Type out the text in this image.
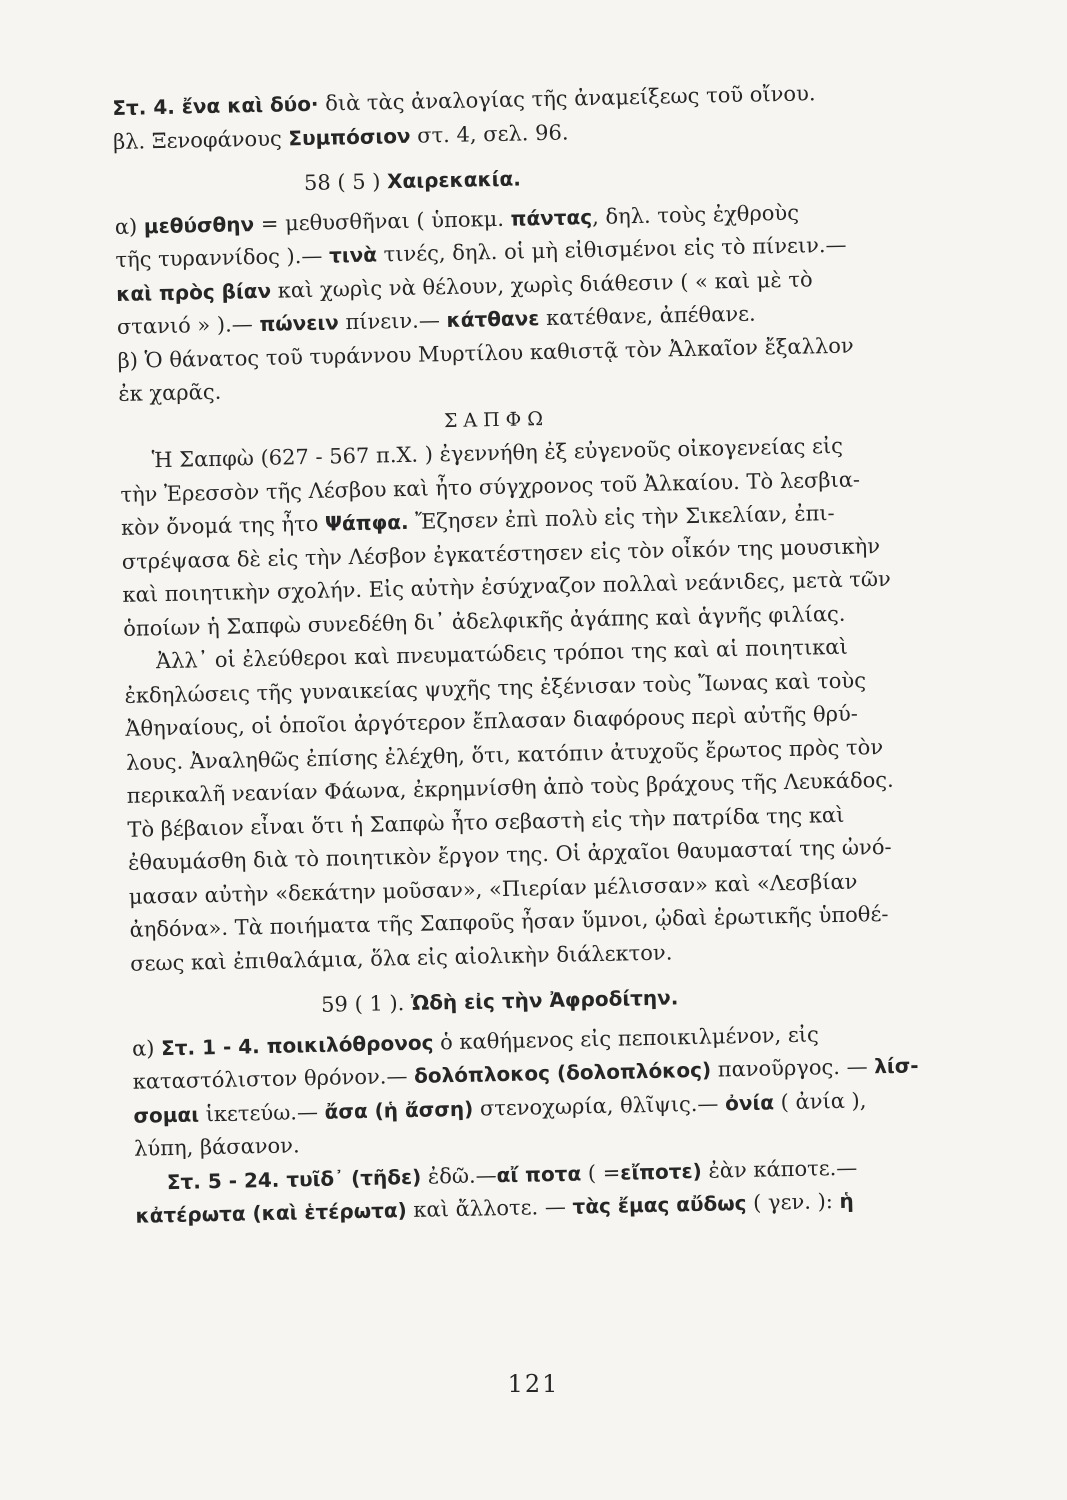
Στ. 4. ἔνα καὶ δύο· διὰ τὰς ἀναλογίας τῆς ἀναμείξεως τοῦ οἴνου.
βλ. Ξενοφάνους Συμπόσιον στ. 4, σελ. 96.
58 ( 5 ) Χαιρεκακία.
α) μεθύσθην = μεθυσθῆναι ( ὑποκμ. πάντας, δηλ. τοὺς ἐχθροὺς
τῆς τυραννίδος ).— τινὰ τινές, δηλ. οἱ μὴ εἰθισμένοι εἰς τὸ πίνειν.—
καὶ πρὸς βίαν καὶ χωρὶς νὰ θέλουν, χωρὶς διάθεσιν ( « καὶ μὲ τὸ
στανιό » ).— πώνειν πίνειν.— κάτθανε κατέθανε, ἀπέθανε.
β) Ὁ θάνατος τοῦ τυράννου Μυρτίλου καθιστᾷ τὸν Ἀλκαῖον ἔξαλλον
ἐκ χαρᾶς.
ΣΑΠΦΩ
Ἡ Σαπφὼ (627 - 567 π.Χ. ) ἐγεννήθη ἐξ εὐγενοῦς οἰκογενείας εἰς
τὴν Ἐρεσσὸν τῆς Λέσβου καὶ ἦτο σύγχρονος τοῦ Ἀλκαίου. Τὸ λεσβια-
κὸν ὄνομά της ἦτο Ψάπφα. Ἔζησεν ἐπὶ πολὺ εἰς τὴν Σικελίαν, ἐπι-
στρέψασα δὲ εἰς τὴν Λέσβον ἐγκατέστησεν εἰς τὸν οἶκόν της μουσικὴν
καὶ ποιητικὴν σχολήν. Εἰς αὐτὴν ἐσύχναζον πολλαὶ νεάνιδες, μετὰ τῶν
ὁποίων ἡ Σαπφὼ συνεδέθη δι᾽ ἀδελφικῆς ἀγάπης καὶ ἁγνῆς φιλίας.
Ἀλλ᾽ οἱ ἐλεύθεροι καὶ πνευματώδεις τρόποι της καὶ αἱ ποιητικαὶ
ἐκδηλώσεις τῆς γυναικείας ψυχῆς της ἐξένισαν τοὺς Ἴωνας καὶ τοὺς
Ἀθηναίους, οἱ ὁποῖοι ἀργότερον ἔπλασαν διαφόρους περὶ αὐτῆς θρύ-
λους. Ἀναληθῶς ἐπίσης ἐλέχθη, ὅτι, κατόπιν ἀτυχοῦς ἔρωτος πρὸς τὸν
περικαλῆ νεανίαν Φάωνα, ἐκρημνίσθη ἀπὸ τοὺς βράχους τῆς Λευκάδος.
Τὸ βέβαιον εἶναι ὅτι ἡ Σαπφὼ ἦτο σεβαστὴ εἰς τὴν πατρίδα της καὶ
ἐθαυμάσθη διὰ τὸ ποιητικὸν ἔργον της. Οἱ ἀρχαῖοι θαυμασταί της ὠνό-
μασαν αὐτὴν «δεκάτην μοῦσαν», «Πιερίαν μέλισσαν» καὶ «Λεσβίαν
ἀηδόνα». Τὰ ποιήματα τῆς Σαπφοῦς ἦσαν ὕμνοι, ᾠδαὶ ἐρωτικῆς ὑποθέ-
σεως καὶ ἐπιθαλάμια, ὅλα εἰς αἰολικὴν διάλεκτον.
59 ( 1 ). Ὠδὴ εἰς τὴν Ἀφροδίτην.
α) Στ. 1 - 4. ποικιλόθρονος ὁ καθήμενος εἰς πεποικιλμένον, εἰς
καταστόλιστον θρόνον.— δολόπλοκος (δολοπλόκος) πανοῦργος. — λίσ-
σομαι ἱκετεύω.— ἄσα (ἡ ἄσση) στενοχωρία, θλῖψις.— ὀνία ( ἀνία ),
λύπη, βάσανον.
Στ. 5 - 24. τυῖδ᾽ (τῆδε) ἐδῶ.—αἴ ποτα ( =εἴποτε) ἐὰν κάποτε.—
κἀτέρωτα (καὶ ἑτέρωτα) καὶ ἄλλοτε. — τὰς ἔμας αὔδως ( γεν. ): ἡ
121
